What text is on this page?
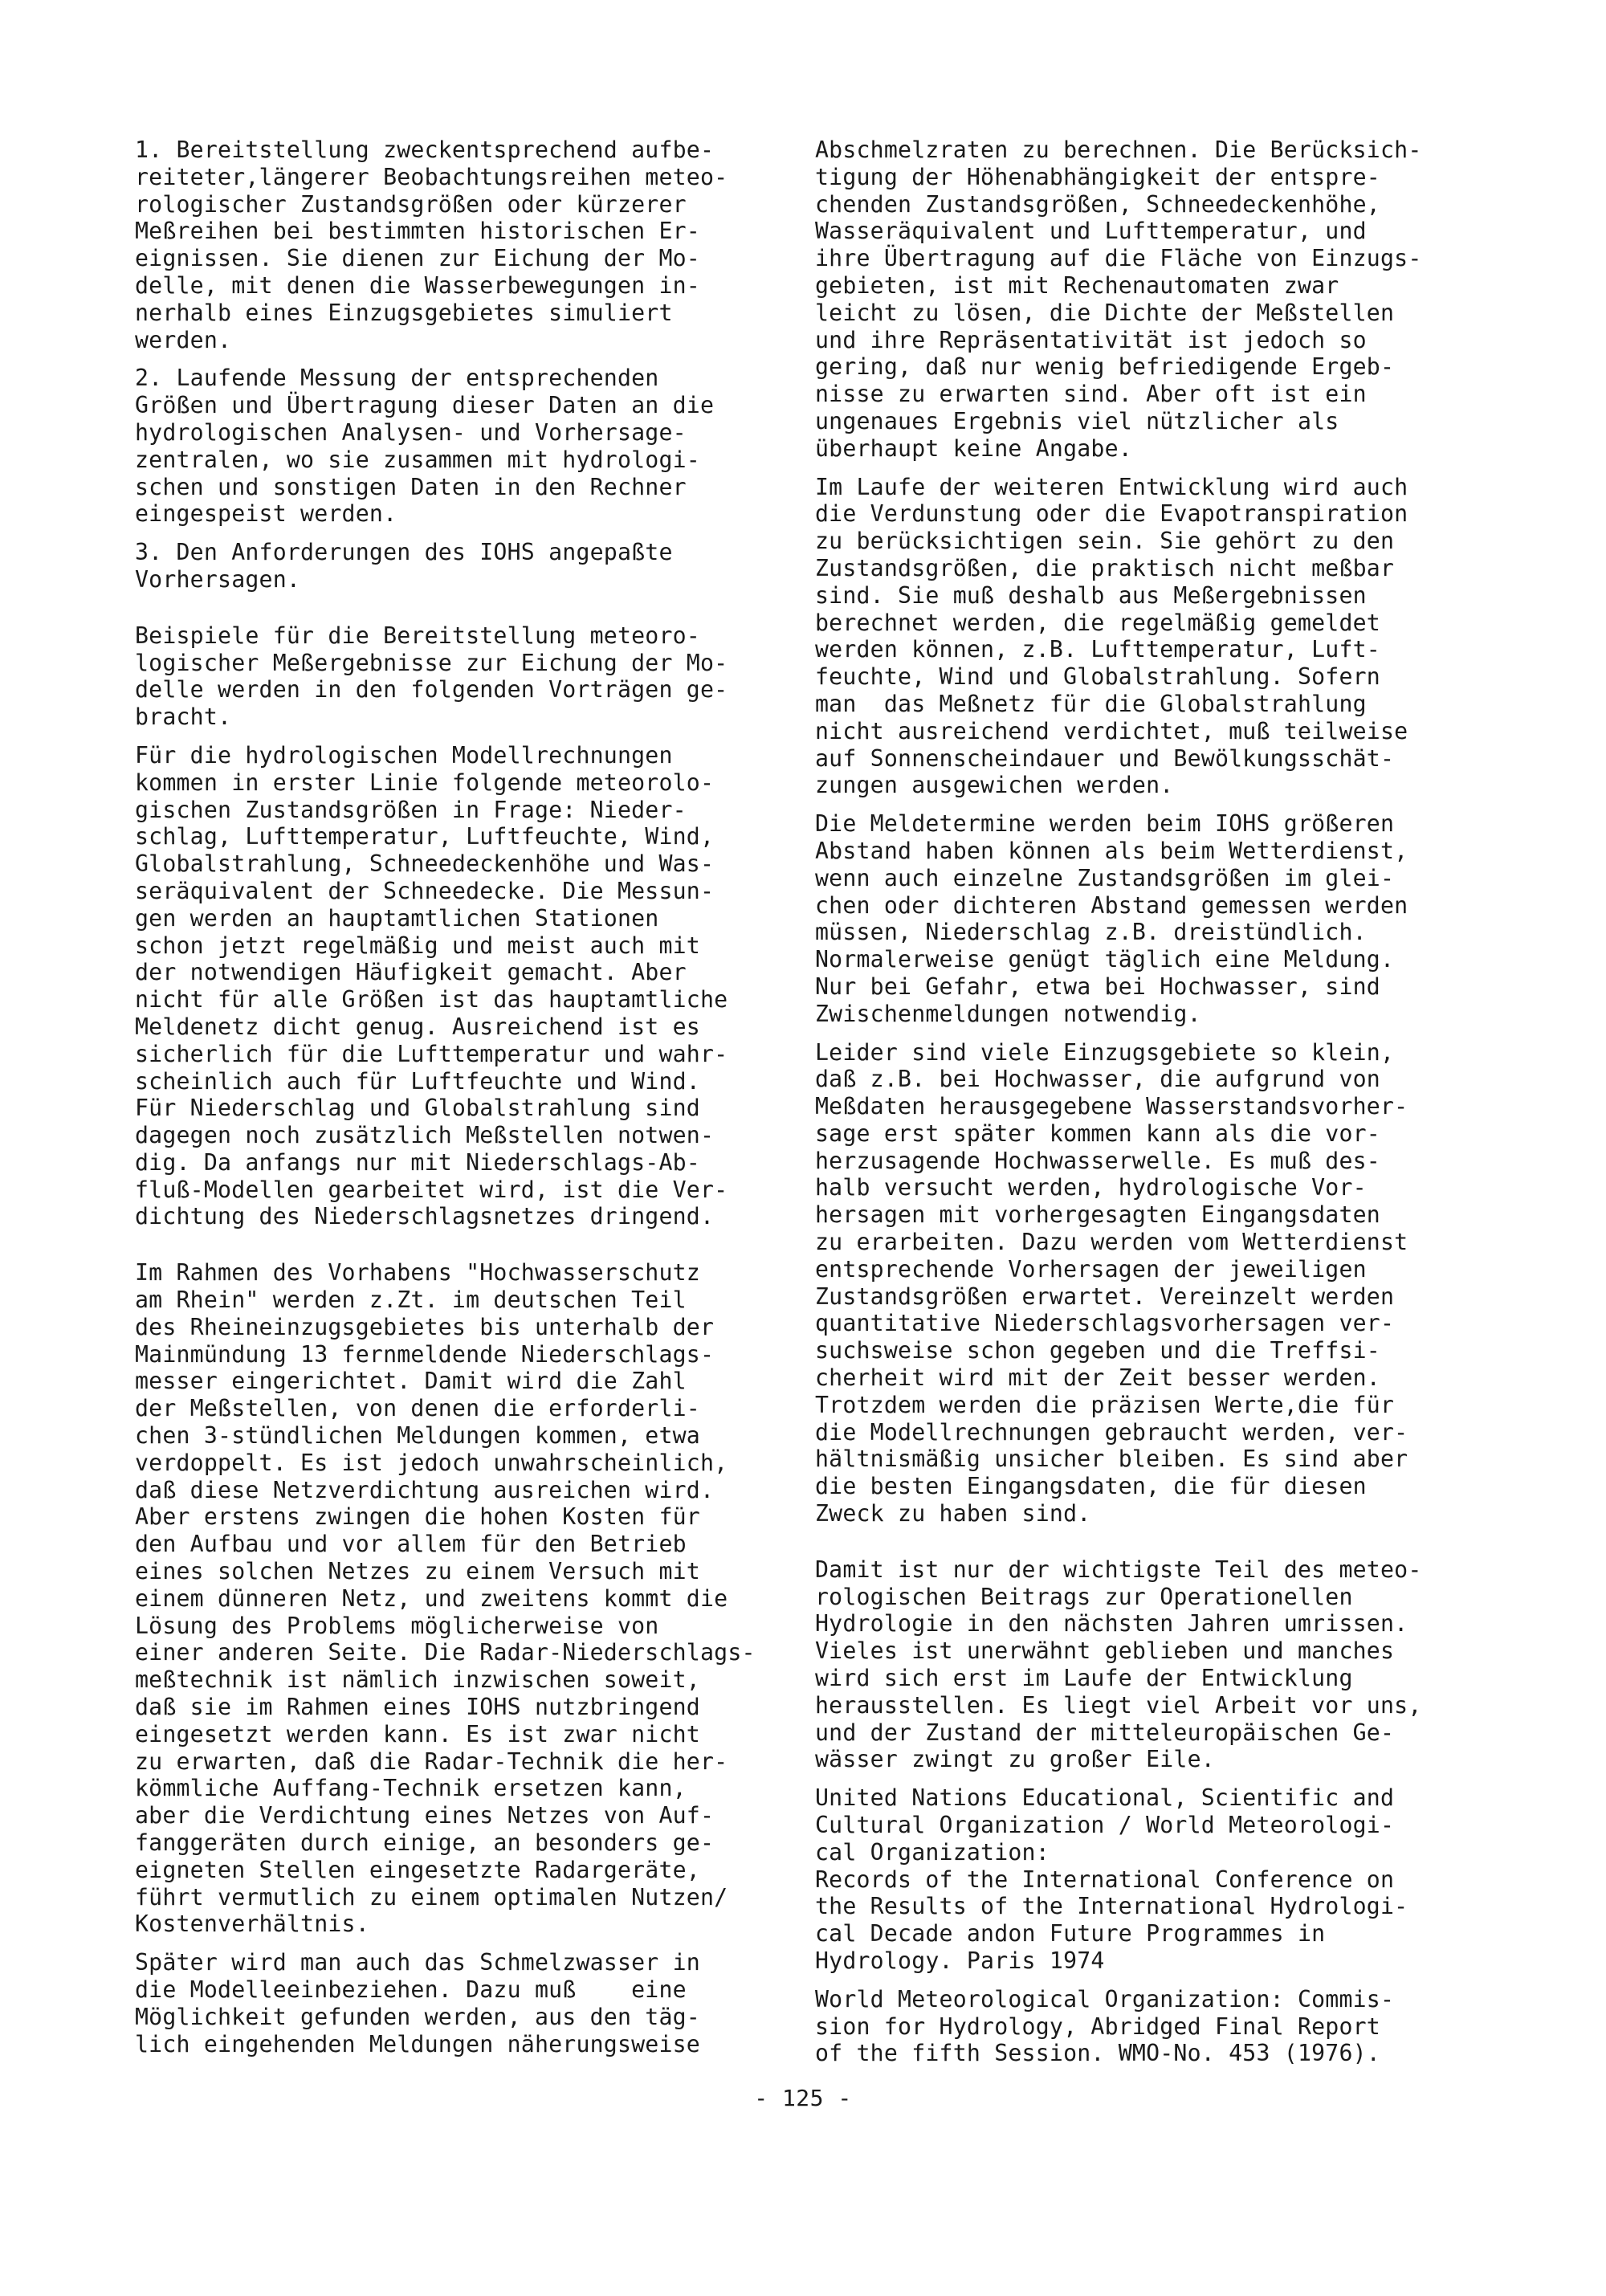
1. Bereitstellung zweckentsprechend aufbe-
reiteter,längerer Beobachtungsreihen meteo-
rologischer Zustandsgrößen oder kürzerer
Meßreihen bei bestimmten historischen Er-
eignissen. Sie dienen zur Eichung der Mo-
delle, mit denen die Wasserbewegungen in-
nerhalb eines Einzugsgebietes simuliert
werden.
2. Laufende Messung der entsprechenden
Größen und Übertragung dieser Daten an die
hydrologischen Analysen- und Vorhersage-
zentralen, wo sie zusammen mit hydrologi-
schen und sonstigen Daten in den Rechner
eingespeist werden.
3. Den Anforderungen des IOHS angepaßte
Vorhersagen.
Beispiele für die Bereitstellung meteoro-
logischer Meßergebnisse zur Eichung der Mo-
delle werden in den folgenden Vorträgen ge-
bracht.
Für die hydrologischen Modellrechnungen
kommen in erster Linie folgende meteorolo-
gischen Zustandsgrößen in Frage: Nieder-
schlag, Lufttemperatur, Luftfeuchte, Wind,
Globalstrahlung, Schneedeckenhöhe und Was-
seräquivalent der Schneedecke. Die Messun-
gen werden an hauptamtlichen Stationen
schon jetzt regelmäßig und meist auch mit
der notwendigen Häufigkeit gemacht. Aber
nicht für alle Größen ist das hauptamtliche
Meldenetz dicht genug. Ausreichend ist es
sicherlich für die Lufttemperatur und wahr-
scheinlich auch für Luftfeuchte und Wind.
Für Niederschlag und Globalstrahlung sind
dagegen noch zusätzlich Meßstellen notwen-
dig. Da anfangs nur mit Niederschlags-Ab-
fluß-Modellen gearbeitet wird, ist die Ver-
dichtung des Niederschlagsnetzes dringend.
Im Rahmen des Vorhabens "Hochwasserschutz
am Rhein" werden z.Zt. im deutschen Teil
des Rheineinzugsgebietes bis unterhalb der
Mainmündung 13 fernmeldende Niederschlags-
messer eingerichtet. Damit wird die Zahl
der Meßstellen, von denen die erforderli-
chen 3-stündlichen Meldungen kommen, etwa
verdoppelt. Es ist jedoch unwahrscheinlich,
daß diese Netzverdichtung ausreichen wird.
Aber erstens zwingen die hohen Kosten für
den Aufbau und vor allem für den Betrieb
eines solchen Netzes zu einem Versuch mit
einem dünneren Netz, und zweitens kommt die
Lösung des Problems möglicherweise von
einer anderen Seite. Die Radar-Niederschlags-
meßtechnik ist nämlich inzwischen soweit,
daß sie im Rahmen eines IOHS nutzbringend
eingesetzt werden kann. Es ist zwar nicht
zu erwarten, daß die Radar-Technik die her-
kömmliche Auffang-Technik ersetzen kann,
aber die Verdichtung eines Netzes von Auf-
fanggeräten durch einige, an besonders ge-
eigneten Stellen eingesetzte Radargeräte,
führt vermutlich zu einem optimalen Nutzen/
Kostenverhältnis.
Später wird man auch das Schmelzwasser in
die Modelleeinbeziehen. Dazu muß    eine
Möglichkeit gefunden werden, aus den täg-
lich eingehenden Meldungen näherungsweise
Abschmelzraten zu berechnen. Die Berücksich-
tigung der Höhenabhängigkeit der entspre-
chenden Zustandsgrößen, Schneedeckenhöhe,
Wasseräquivalent und Lufttemperatur, und
ihre Übertragung auf die Fläche von Einzugs-
gebieten, ist mit Rechenautomaten zwar
leicht zu lösen, die Dichte der Meßstellen
und ihre Repräsentativität ist jedoch so
gering, daß nur wenig befriedigende Ergeb-
nisse zu erwarten sind. Aber oft ist ein
ungenaues Ergebnis viel nützlicher als
überhaupt keine Angabe.
Im Laufe der weiteren Entwicklung wird auch
die Verdunstung oder die Evapotranspiration
zu berücksichtigen sein. Sie gehört zu den
Zustandsgrößen, die praktisch nicht meßbar
sind. Sie muß deshalb aus Meßergebnissen
berechnet werden, die regelmäßig gemeldet
werden können, z.B. Lufttemperatur, Luft-
feuchte, Wind und Globalstrahlung. Sofern
man  das Meßnetz für die Globalstrahlung
nicht ausreichend verdichtet, muß teilweise
auf Sonnenscheindauer und Bewölkungsschät-
zungen ausgewichen werden.
Die Meldetermine werden beim IOHS größeren
Abstand haben können als beim Wetterdienst,
wenn auch einzelne Zustandsgrößen im glei-
chen oder dichteren Abstand gemessen werden
müssen, Niederschlag z.B. dreistündlich.
Normalerweise genügt täglich eine Meldung.
Nur bei Gefahr, etwa bei Hochwasser, sind
Zwischenmeldungen notwendig.
Leider sind viele Einzugsgebiete so klein,
daß z.B. bei Hochwasser, die aufgrund von
Meßdaten herausgegebene Wasserstandsvorher-
sage erst später kommen kann als die vor-
herzusagende Hochwasserwelle. Es muß des-
halb versucht werden, hydrologische Vor-
hersagen mit vorhergesagten Eingangsdaten
zu erarbeiten. Dazu werden vom Wetterdienst
entsprechende Vorhersagen der jeweiligen
Zustandsgrößen erwartet. Vereinzelt werden
quantitative Niederschlagsvorhersagen ver-
suchsweise schon gegeben und die Treffsi-
cherheit wird mit der Zeit besser werden.
Trotzdem werden die präzisen Werte,die für
die Modellrechnungen gebraucht werden, ver-
hältnismäßig unsicher bleiben. Es sind aber
die besten Eingangsdaten, die für diesen
Zweck zu haben sind.
Damit ist nur der wichtigste Teil des meteo-
rologischen Beitrags zur Operationellen
Hydrologie in den nächsten Jahren umrissen.
Vieles ist unerwähnt geblieben und manches
wird sich erst im Laufe der Entwicklung
herausstellen. Es liegt viel Arbeit vor uns,
und der Zustand der mitteleuropäischen Ge-
wässer zwingt zu großer Eile.
United Nations Educational, Scientific and
Cultural Organization / World Meteorologi-
cal Organization:
Records of the International Conference on
the Results of the International Hydrologi-
cal Decade andon Future Programmes in
Hydrology. Paris 1974
World Meteorological Organization: Commis-
sion for Hydrology, Abridged Final Report
of the fifth Session. WMO-No. 453 (1976).
- 125 -
